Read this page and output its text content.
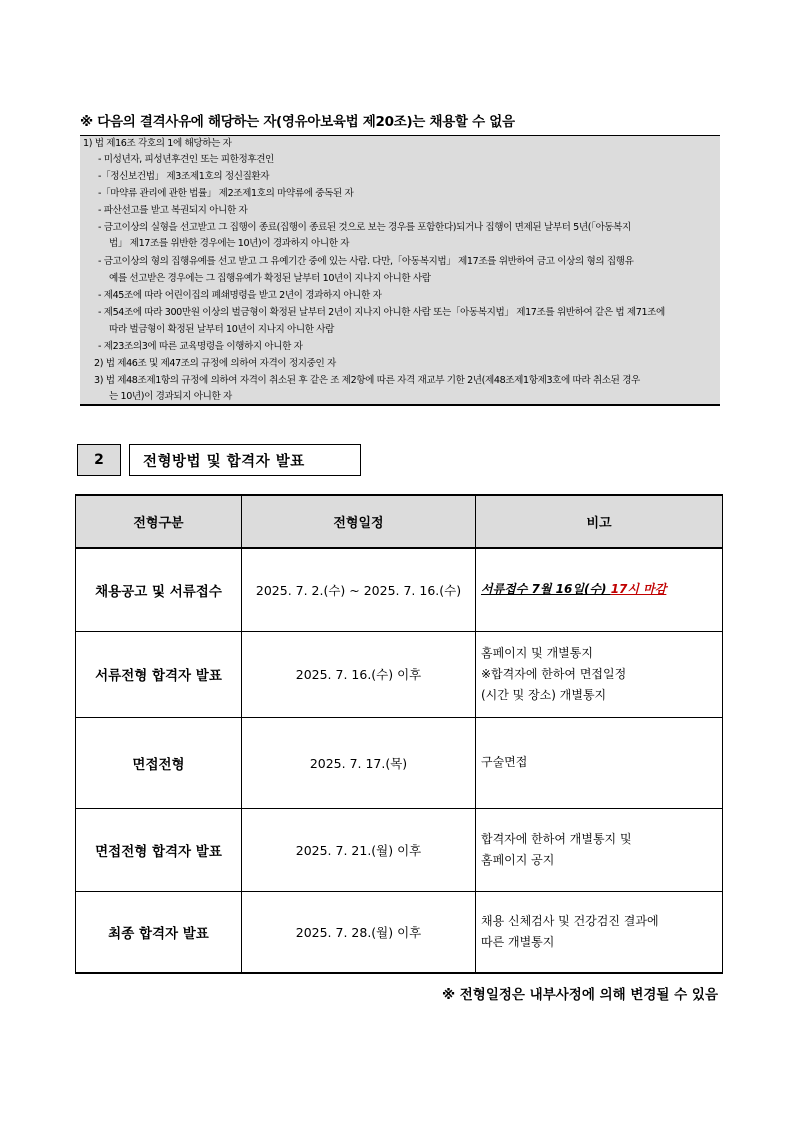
※ 다음의 결격사유에 해당하는 자(영유아보육법 제20조)는 채용할 수 없음
1) 법 제16조 각호의 1에 해당하는 자
- 미성년자, 피성년후견인 또는 피한정후견인
-「정신보건법」 제3조제1호의 정신질환자
-「마약류 관리에 관한 법률」 제2조제1호의 마약류에 중독된 자
- 파산선고를 받고 복권되지 아니한 자
- 금고이상의 실형을 선고받고 그 집행이 종료(집행이 종료된 것으로 보는 경우를 포함한다)되거나 집행이 면제된 날부터 5년(「아동복지
법」 제17조를 위반한 경우에는 10년)이 경과하지 아니한 자
- 금고이상의 형의 집행유예를 선고 받고 그 유예기간 중에 있는 사람. 다만,「아동복지법」 제17조를 위반하여 금고 이상의 형의 집행유
예를 선고받은 경우에는 그 집행유예가 확정된 날부터 10년이 지나지 아니한 사람
- 제45조에 따라 어린이집의 폐쇄명령을 받고 2년이 경과하지 아니한 자
- 제54조에 따라 300만원 이상의 벌금형이 확정된 날부터 2년이 지나지 아니한 사람 또는「아동복지법」 제17조를 위반하여 같은 법 제71조에
따라 벌금형이 확정된 날부터 10년이 지나지 아니한 사람
- 제23조의3에 따른 교육명령을 이행하지 아니한 자
2) 법 제46조 및 제47조의 규정에 의하여 자격이 정지중인 자
3) 법 제48조제1항의 규정에 의하여 자격이 취소된 후 같은 조 제2항에 따른 자격 재교부 기한 2년(제48조제1항제3호에 따라 취소된 경우
는 10년)이 경과되지 아니한 자
2	전형방법 및 합격자 발표
전형구분	전형일정	비고
채용공고 및 서류접수	2025. 7. 2.(수) ~ 2025. 7. 16.(수)	서류접수 7월 16일(수) 17시 마감
서류전형 합격자 발표	2025. 7. 16.(수) 이후	홈페이지 및 개별통지
※합격자에 한하여 면접일정
(시간 및 장소) 개별통지

면접전형	2025. 7. 17.(목)	구술면접

면접전형 합격자 발표	2025. 7. 21.(월) 이후	합격자에 한하여 개별통지 및
홈페이지 공지

최종 합격자 발표	2025. 7. 28.(월) 이후	채용 신체검사 및 건강검진 결과에
따른 개별통지
※ 전형일정은 내부사정에 의해 변경될 수 있음
